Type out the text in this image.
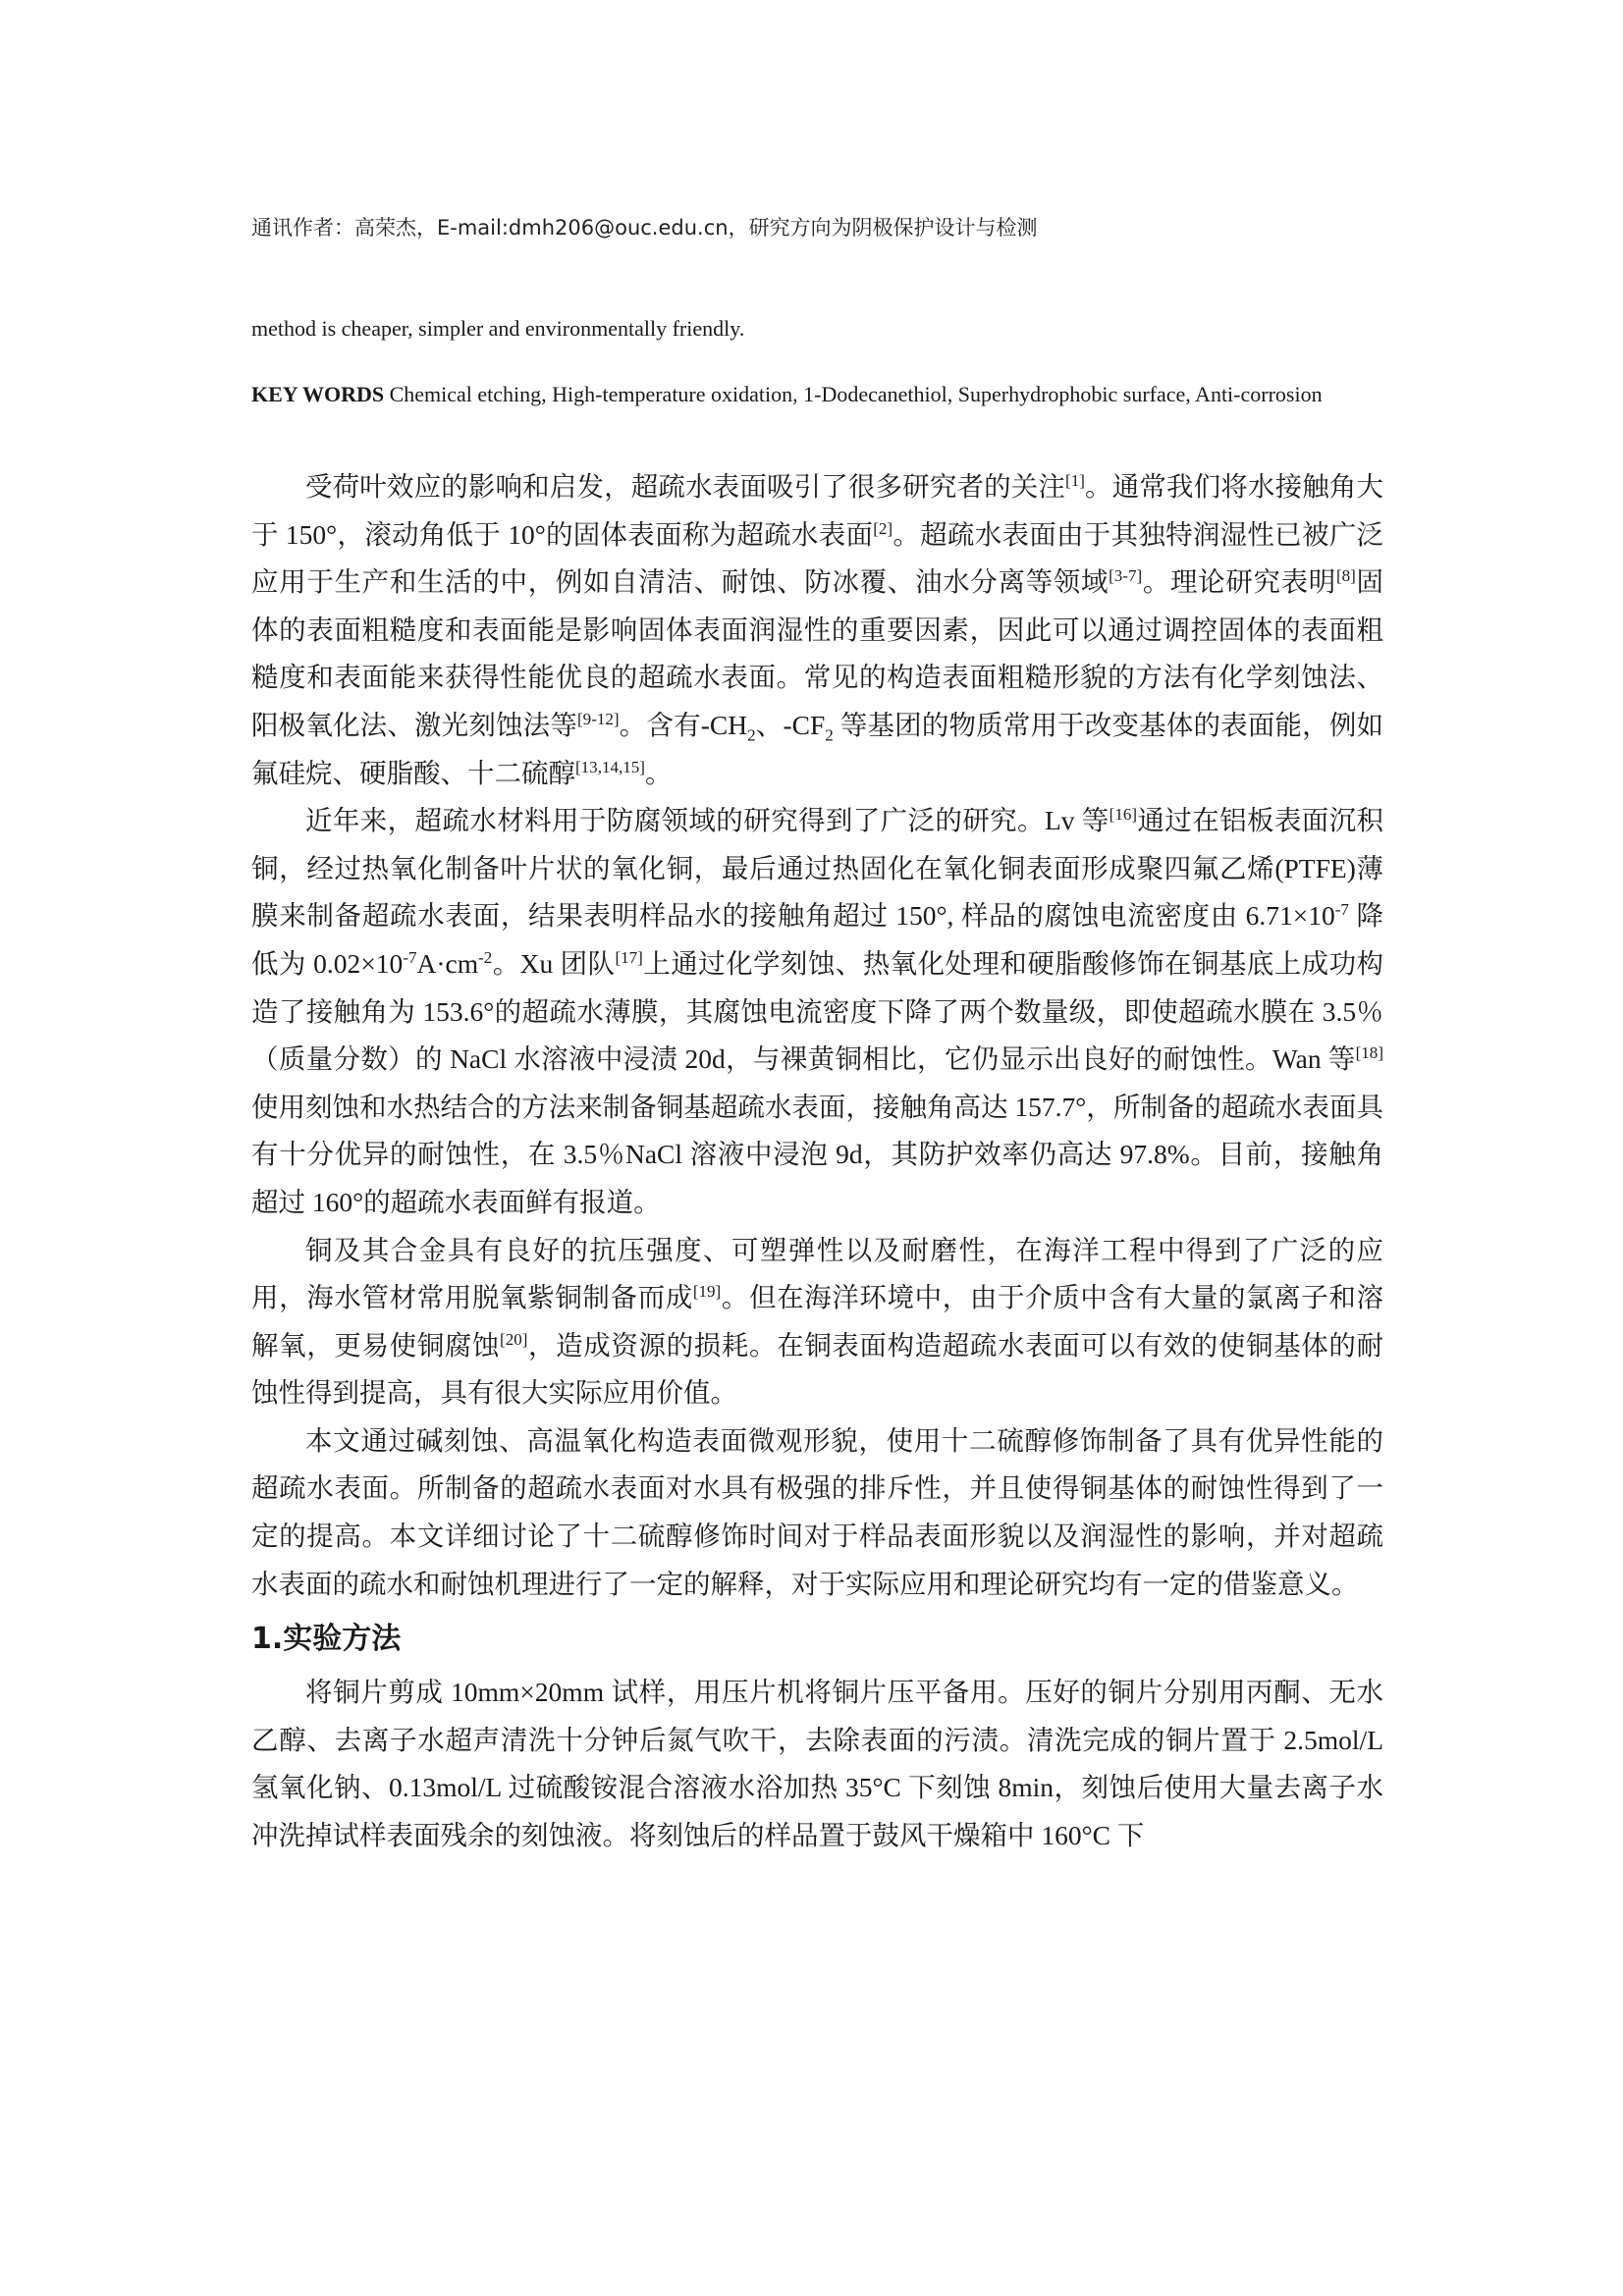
通讯作者：高荣杰，E-mail:dmh206@ouc.edu.cn，研究方向为阴极保护设计与检测
method is cheaper, simpler and environmentally friendly.
KEY WORDS Chemical etching, High-temperature oxidation, 1-Dodecanethiol, Superhydrophobic surface, Anti-corrosion

受荷叶效应的影响和启发，超疏水表面吸引了很多研究者的关注[1]。通常我们将水接触角大于 150°，滚动角低于 10°的固体表面称为超疏水表面[2]。超疏水表面由于其独特润湿性已被广泛应用于生产和生活的中，例如自清洁、耐蚀、防冰覆、油水分离等领域[3-7]。理论研究表明[8]固体的表面粗糙度和表面能是影响固体表面润湿性的重要因素，因此可以通过调控固体的表面粗糙度和表面能来获得性能优良的超疏水表面。常见的构造表面粗糙形貌的方法有化学刻蚀法、阳极氧化法、激光刻蚀法等[9-12]。含有$-CH_2$、$-CF_2$ 等基团的物质常用于改变基体的表面能，例如氟硅烷、硬脂酸、十二硫醇[13,14,15]。

近年来，超疏水材料用于防腐领域的研究得到了广泛的研究。Lv 等[16]通过在铝板表面沉积铜，经过热氧化制备叶片状的氧化铜，最后通过热固化在氧化铜表面形成聚四氟乙烯(PTFE)薄膜来制备超疏水表面，结果表明样品水的接触角超过 150°, 样品的腐蚀电流密度由 $6.71\times 10^{-7}$ 降低为 $0.02\times 10^{-7}A\cdot cm^{-2}$。Xu 团队[17]上通过化学刻蚀、热氧化处理和硬脂酸修饰在铜基底上成功构造了接触角为 153.6°的超疏水薄膜，其腐蚀电流密度下降了两个数量级，即使超疏水膜在 3.5％（质量分数）的 NaCl 水溶液中浸渍 20d，与裸黄铜相比，它仍显示出良好的耐蚀性。Wan 等[18]使用刻蚀和水热结合的方法来制备铜基超疏水表面，接触角高达 157.7°，所制备的超疏水表面具有十分优异的耐蚀性，在 3.5％NaCl 溶液中浸泡 9d，其防护效率仍高达 97.8%。目前，接触角超过 160°的超疏水表面鲜有报道。

铜及其合金具有良好的抗压强度、可塑弹性以及耐磨性，在海洋工程中得到了广泛的应用，海水管材常用脱氧紫铜制备而成[19]。但在海洋环境中，由于介质中含有大量的氯离子和溶解氧，更易使铜腐蚀[20]，造成资源的损耗。在铜表面构造超疏水表面可以有效的使铜基体的耐蚀性得到提高，具有很大实际应用价值。

本文通过碱刻蚀、高温氧化构造表面微观形貌，使用十二硫醇修饰制备了具有优异性能的超疏水表面。所制备的超疏水表面对水具有极强的排斥性，并且使得铜基体的耐蚀性得到了一定的提高。本文详细讨论了十二硫醇修饰时间对于样品表面形貌以及润湿性的影响，并对超疏水表面的疏水和耐蚀机理进行了一定的解释，对于实际应用和理论研究均有一定的借鉴意义。

1.实验方法

将铜片剪成 10mm×20mm 试样，用压片机将铜片压平备用。压好的铜片分别用丙酮、无水乙醇、去离子水超声清洗十分钟后氮气吹干，去除表面的污渍。清洗完成的铜片置于 2.5mol/L 氢氧化钠、0.13mol/L 过硫酸铵混合溶液水浴加热 35°C 下刻蚀 8min，刻蚀后使用大量去离子水冲洗掉试样表面残余的刻蚀液。将刻蚀后的样品置于鼓风干燥箱中 160°C 下
